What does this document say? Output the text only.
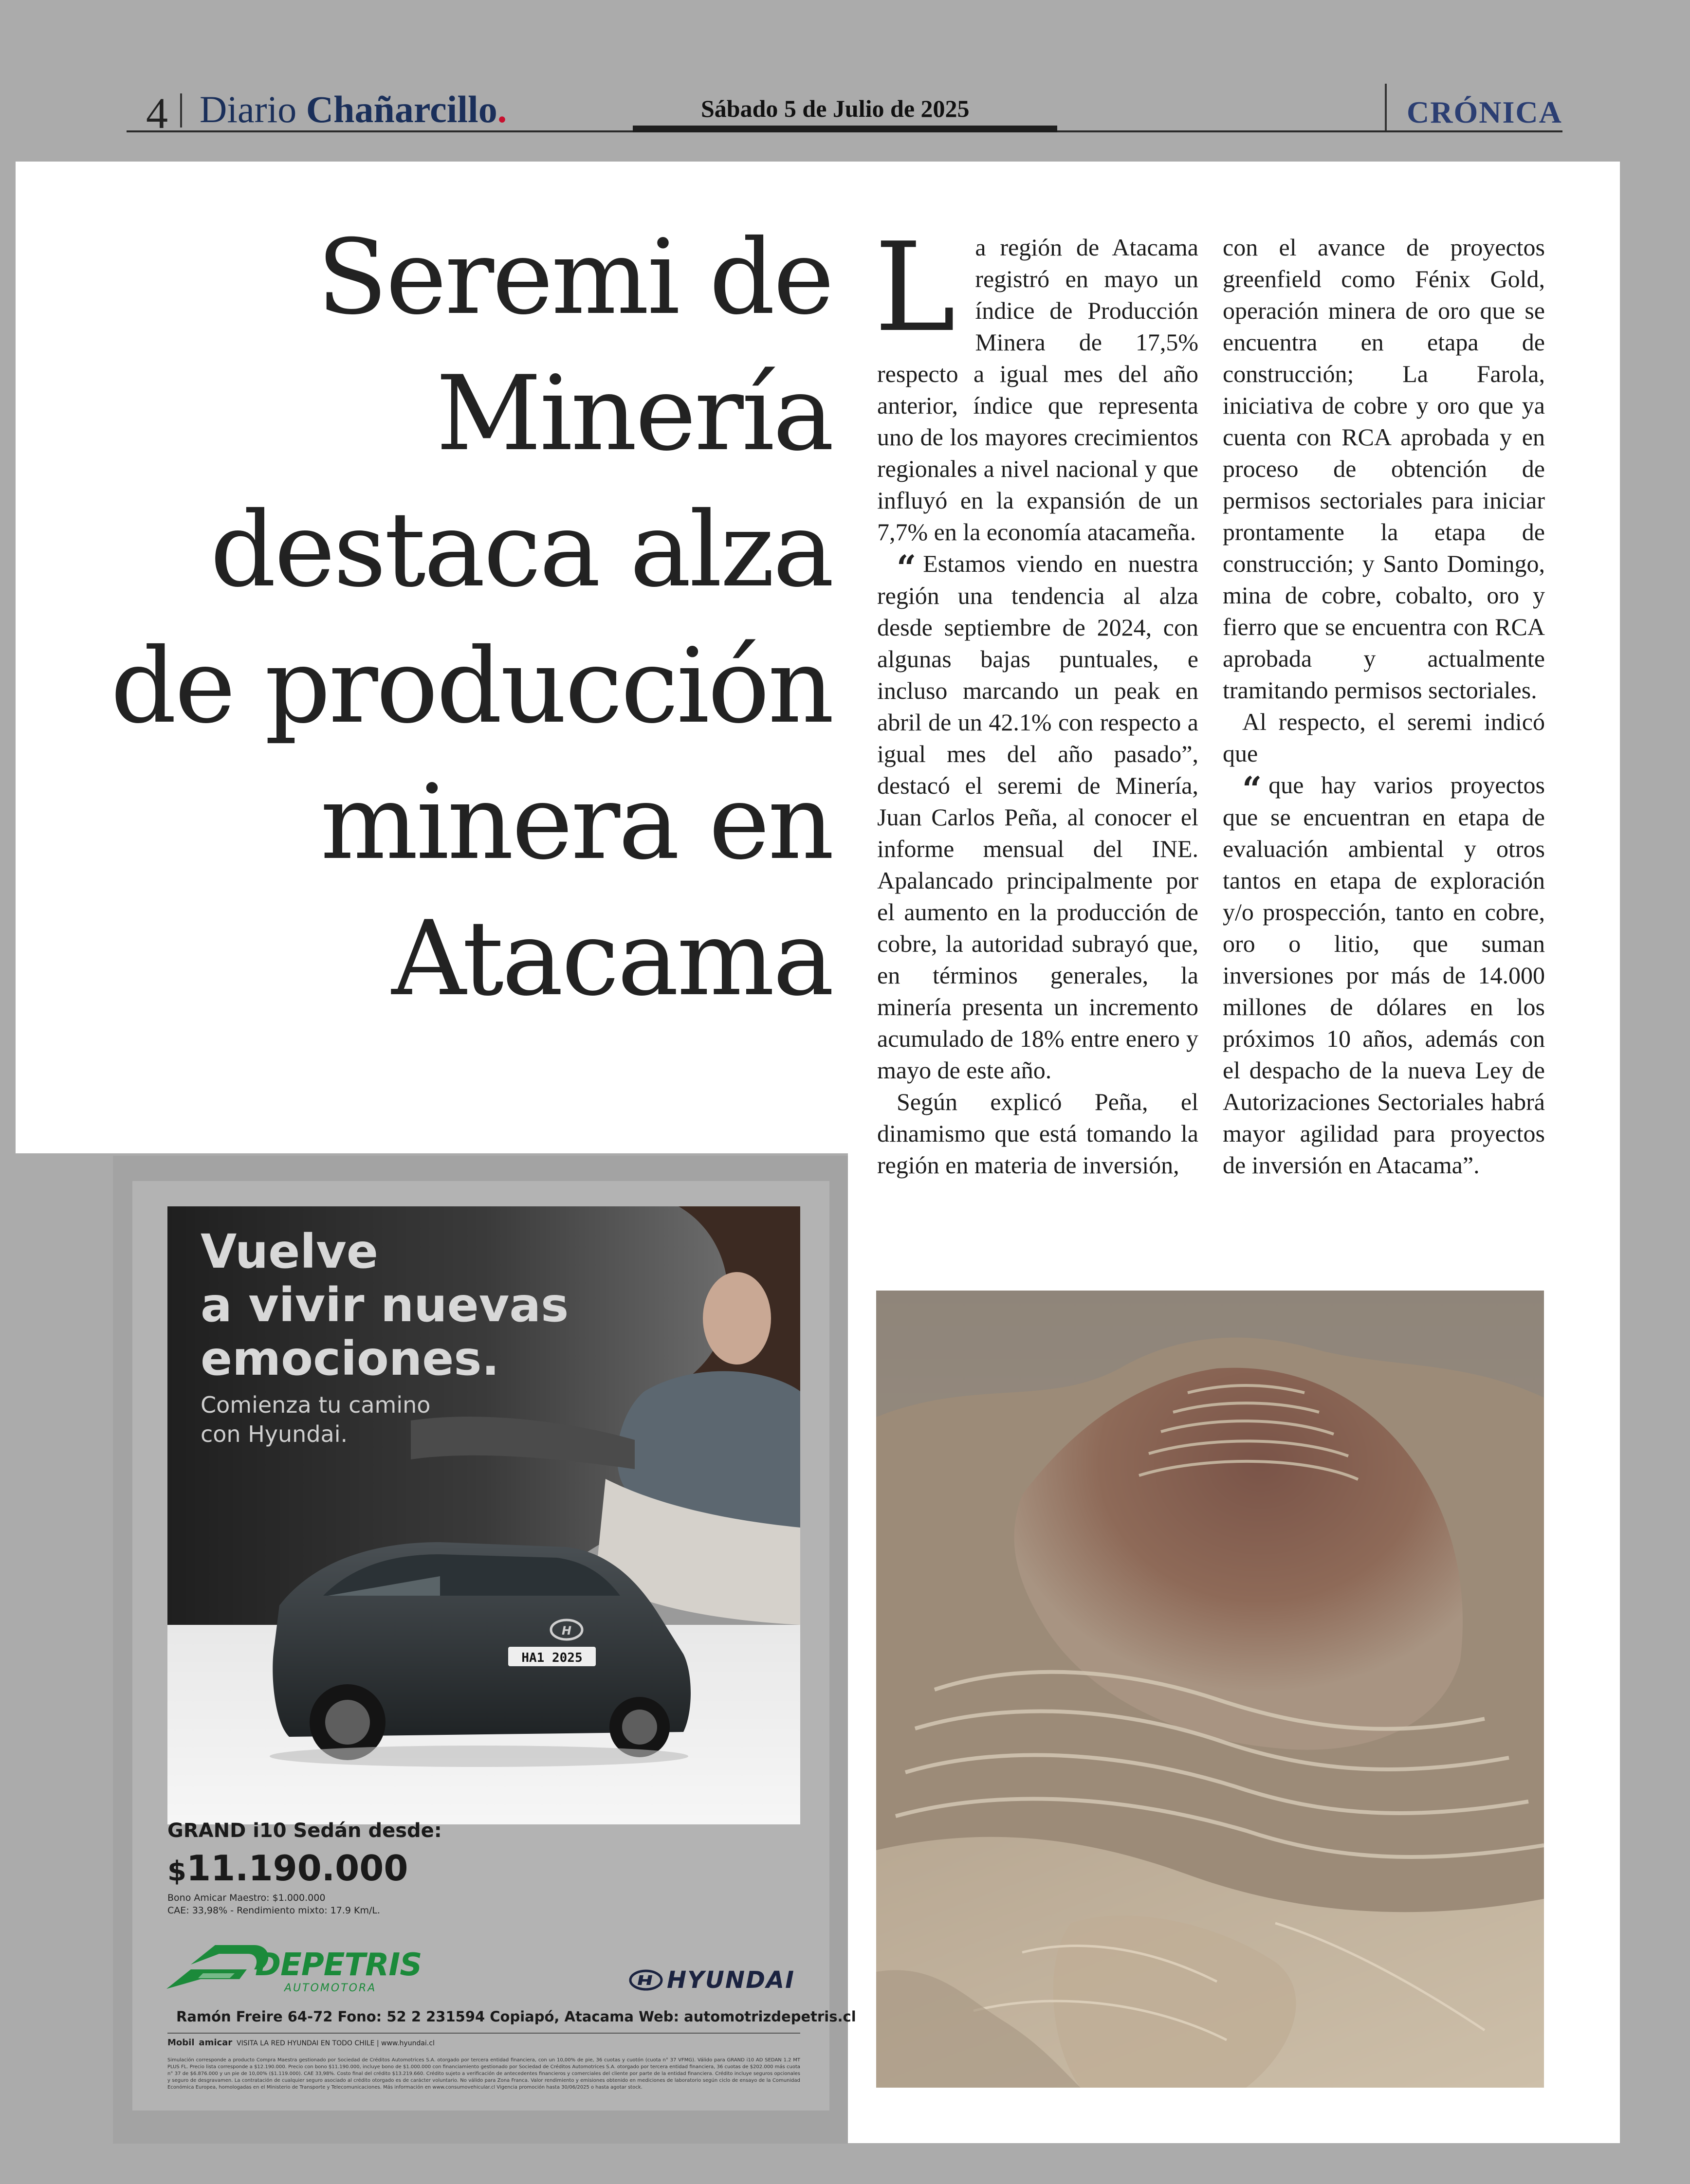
4 Diario Chañarcillo.	Sábado 5 de Julio de 2025	CRÓNICA
Seremi de
Minería
destaca alza
de producción
minera en
Atacama

La región de Atacama registró en mayo un índice de Producción Minera de 17,5% respecto a igual mes del año anterior, índice que representa uno de los mayores crecimientos regionales a nivel nacional y que influyó en la expansión de un 7,7% en la economía atacameña.

“ Estamos viendo en nuestra región una tendencia al alza desde septiembre de 2024, con algunas bajas puntuales, e incluso marcando un peak en abril de un 42.1% con respecto a igual mes del año pasado”, destacó el seremi de Minería, Juan Carlos Peña, al conocer el informe mensual del INE. Apalancado principalmente por el aumento en la producción de cobre, la autoridad subrayó que, en términos generales, la minería presenta un incremento acumulado de 18% entre enero y mayo de este año.

Según explicó Peña, el dinamismo que está tomando la región en materia de inversión,

con el avance de proyectos greenfield como Fénix Gold, operación minera de oro que se encuentra en etapa de construcción; La Farola, iniciativa de cobre y oro que ya cuenta con RCA aprobada y en proceso de obtención de permisos sectoriales para iniciar prontamente la etapa de construcción; y Santo Domingo, mina de cobre, cobalto, oro y fierro que se encuentra con RCA aprobada y actualmente tramitando permisos sectoriales.

Al respecto, el seremi indicó que

“ que hay varios proyectos que se encuentran en etapa de evaluación ambiental y otros tantos en etapa de exploración y/o prospección, tanto en cobre, oro o litio, que suman inversiones por más de 14.000 millones de dólares en los próximos 10 años, además con el despacho de la nueva Ley de Autorizaciones Sectoriales habrá mayor agilidad para proyectos de inversión en Atacama”.

HA1 2025
H
Vuelve
a vivir nuevas
emociones.
Comienza tu camino
con Hyundai.
GRAND i10 Sedán desde:
$11.190.000
Bono Amicar Maestro: $1.000.000
CAE: 33,98% - Rendimiento mixto: 17.9 Km/L.
DEPETRIS
AUTOMOTORA	HYUNDAI
Ramón Freire 64-72 Fono: 52 2 231594 Copiapó, Atacama Web: automotrizdepetris.cl
Mobil amicar VISITA LA RED HYUNDAI EN TODO CHILE | www.hyundai.cl
Simulación corresponde a producto Compra Maestra gestionado por Sociedad de Créditos Automotrices S.A. otorgado por tercera entidad financiera, con un 10,00% de pie, 36 cuotas y cuotón (cuota n° 37 VFMG). Válido para GRAND i10 AD SEDAN 1.2 MT PLUS FL. Precio lista corresponde a $12.190.000. Precio con bono $11.190.000, incluye bono de $1.000.000 con financiamiento gestionado por Sociedad de Créditos Automotrices S.A. otorgado por tercera entidad financiera, 36 cuotas de $202.000 más cuota n° 37 de $6.876.000 y un pie de 10,00% ($1.119.000). CAE 33,98%. Costo final del crédito $13.219.660. Crédito sujeto a verificación de antecedentes financieros y comerciales del cliente por parte de la entidad financiera. Crédito incluye seguros opcionales y seguro de desgravamen. La contratación de cualquier seguro asociado al crédito otorgado es de carácter voluntario. No válido para Zona Franca. Valor rendimiento y emisiones obtenido en mediciones de laboratorio según ciclo de ensayo de la Comunidad Económica Europea, homologadas en el Ministerio de Transporte y Telecomunicaciones. Más información en www.consumovehicular.cl Vigencia promoción hasta 30/06/2025 o hasta agotar stock.
